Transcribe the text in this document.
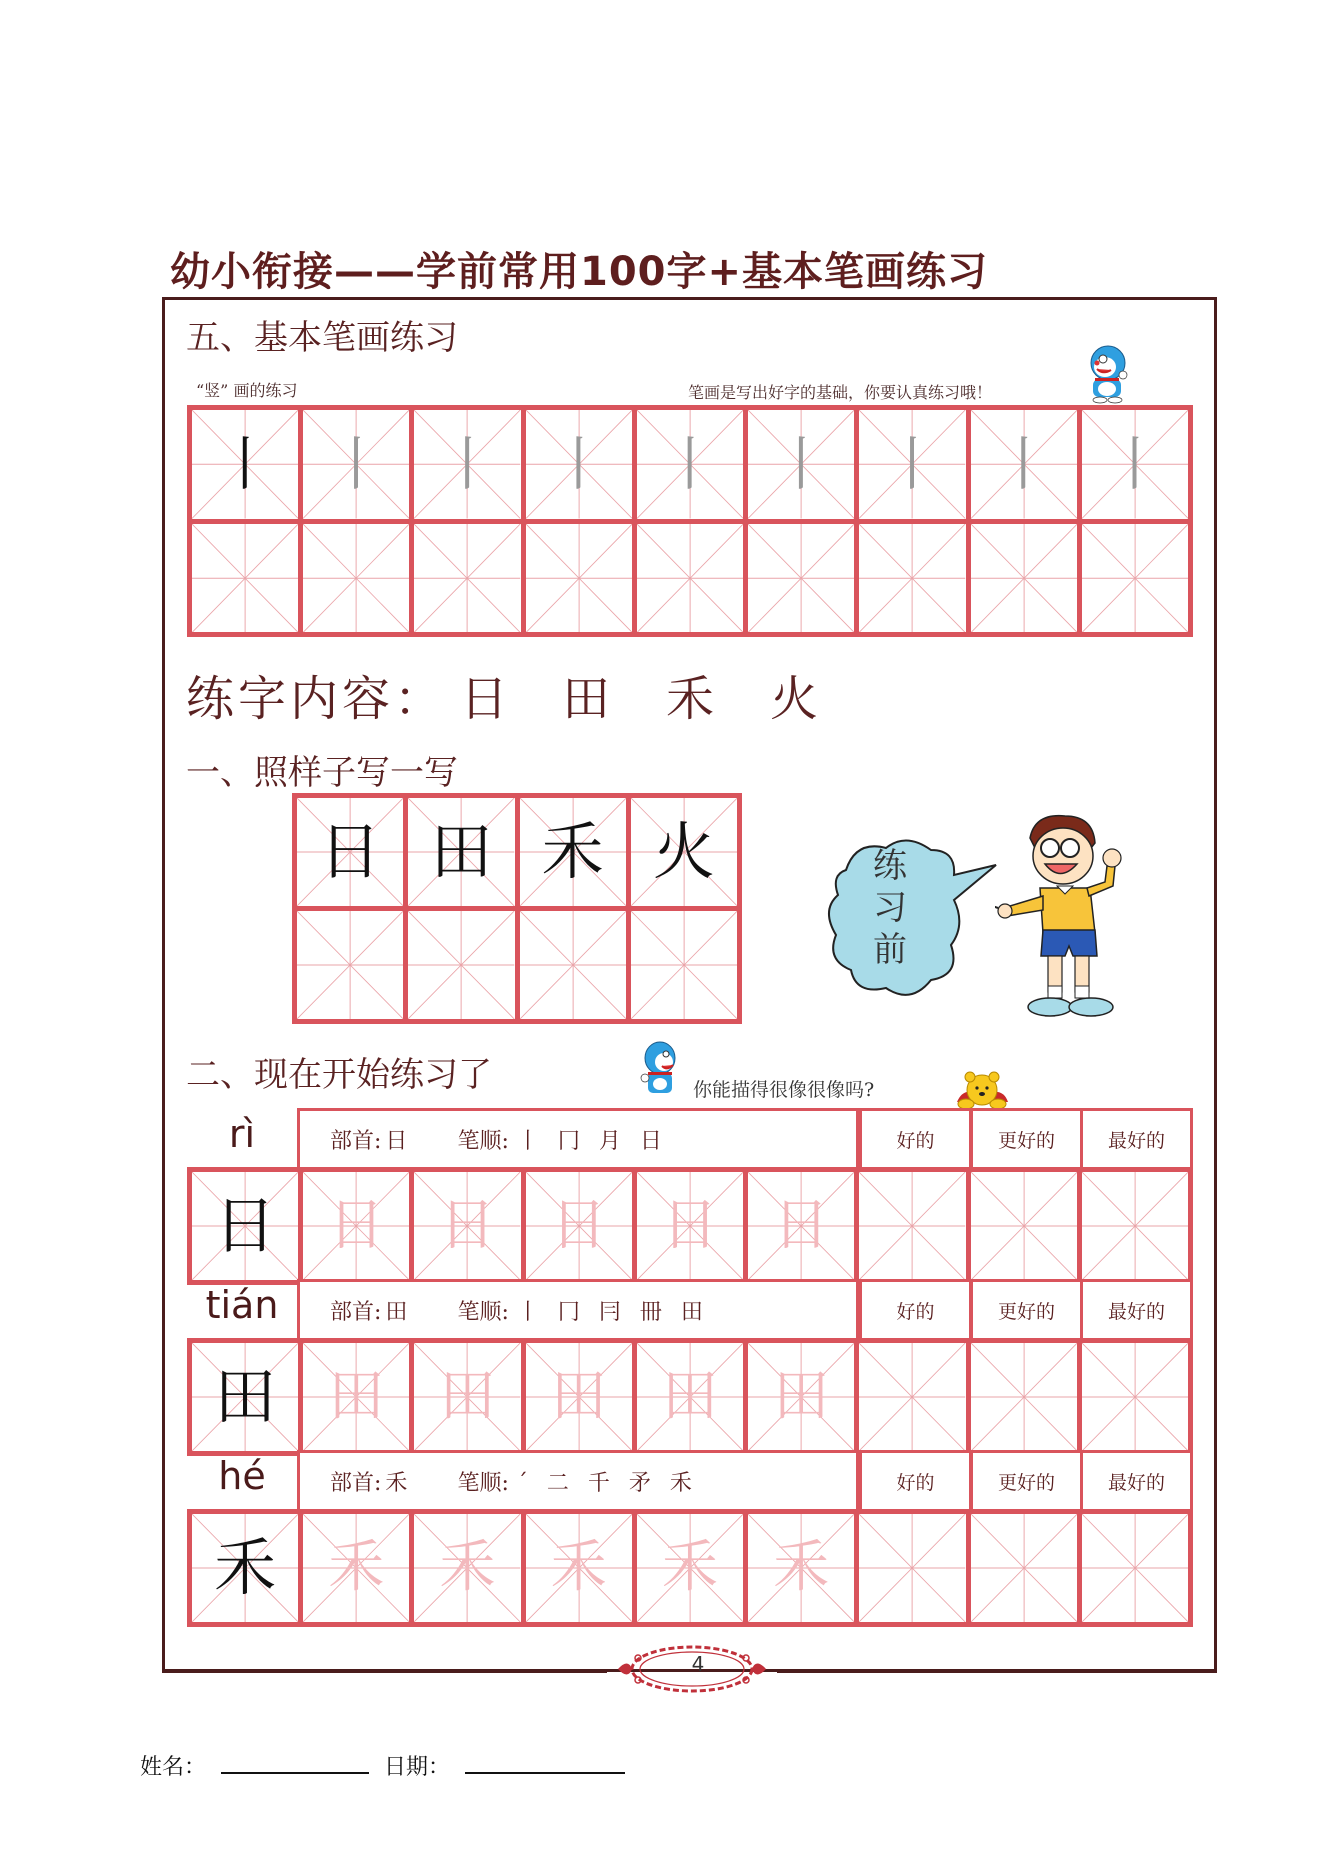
幼小衔接——学前常用100字+基本笔画练习
五、基本笔画练习
“竖” 画的练习	笔画是写出好字的基础，你要认真练习哦！
丨 丨 丨 丨 丨 丨 丨 丨 丨
练字内容： 日 田 禾 火
一、照样子写一写
日 田 禾 火	练
习
前
二、现在开始练习了	你能描得很像很像吗?
rì	部首: 日 笔顺: 丨 冂 月 日	好的	更好的	最好的
日 日 日 日 日 日
tián	部首: 田 笔顺: 丨 冂 冃 冊 田	好的	更好的	最好的
田 田 田 田 田 田
hé	部首: 禾 笔顺: ˊ 二 千 矛 禾	好的	更好的	最好的
禾 禾 禾 禾 禾 禾
4
姓名：	日期：
